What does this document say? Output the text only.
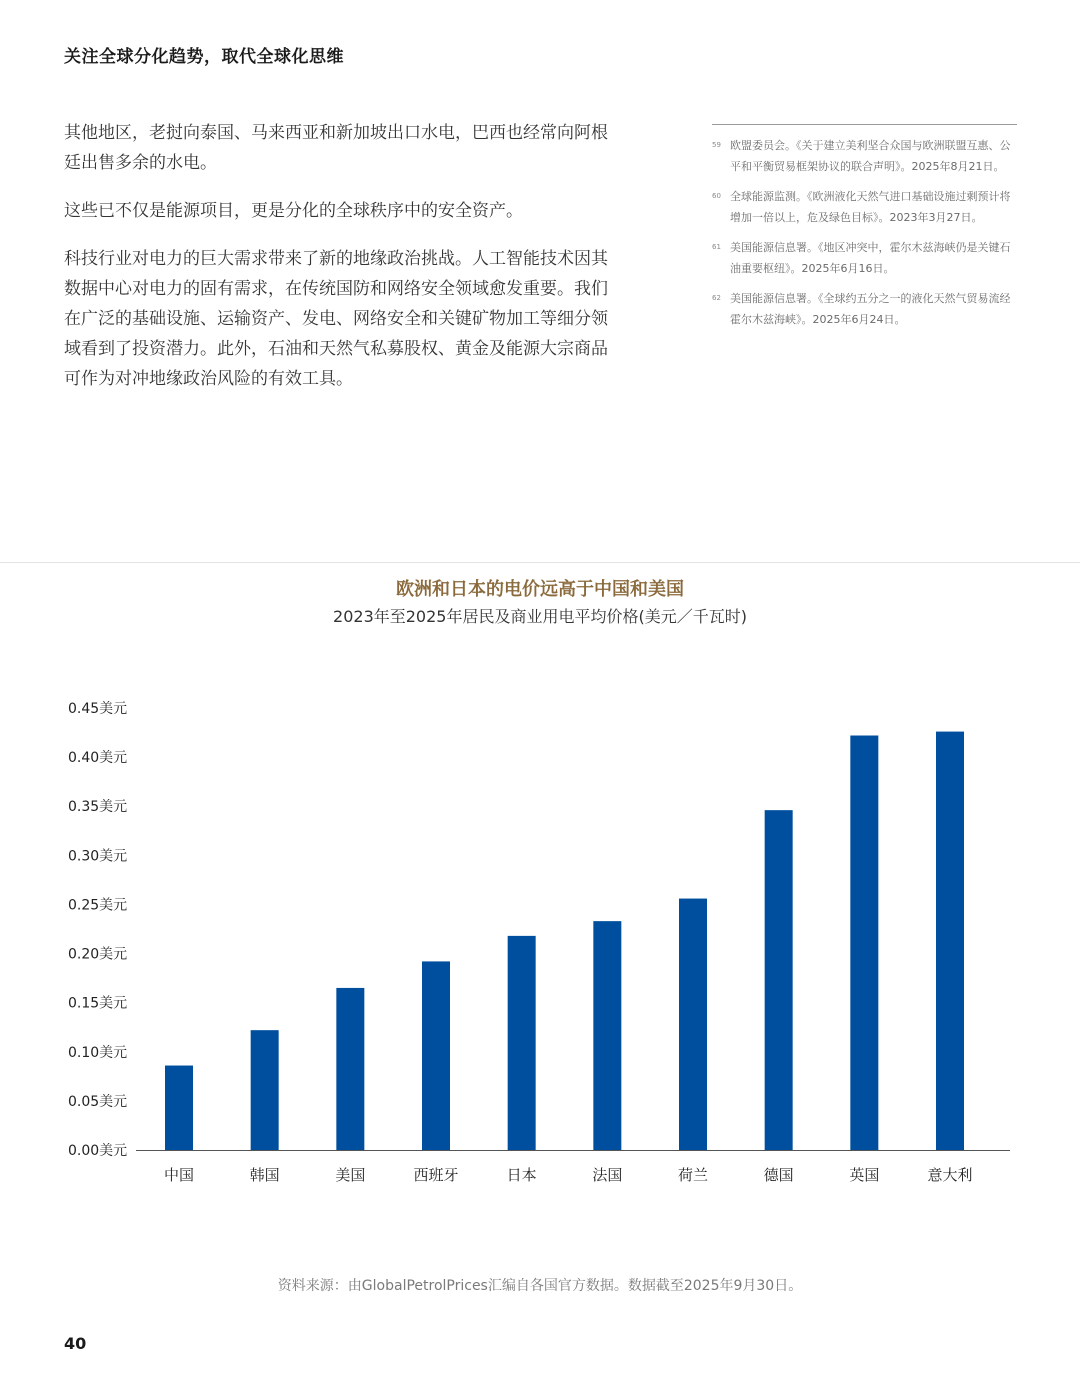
关注全球分化趋势，取代全球化思维

其他地区，老挝向泰国、马来西亚和新加坡出口水电，巴西也经常向阿根廷出售多余的水电。

这些已不仅是能源项目，更是分化的全球秩序中的安全资产。

科技行业对电力的巨大需求带来了新的地缘政治挑战。人工智能技术因其数据中心对电力的固有需求，在传统国防和网络安全领域愈发重要。我们在广泛的基础设施、运输资产、发电、网络安全和关键矿物加工等细分领域看到了投资潜力。此外，石油和天然气私募股权、黄金及能源大宗商品可作为对冲地缘政治风险的有效工具。

59 欧盟委员会。《关于建立美利坚合众国与欧洲联盟互惠、公平和平衡贸易框架协议的联合声明》。2025年8月21日。
60 全球能源监测。《欧洲液化天然气进口基础设施过剩预计将增加一倍以上，危及绿色目标》。2023年3月27日。
61 美国能源信息署。《地区冲突中，霍尔木兹海峡仍是关键石油重要枢纽》。2025年6月16日。
62 美国能源信息署。《全球约五分之一的液化天然气贸易流经霍尔木兹海峡》。2025年6月24日。
欧洲和日本的电价远高于中国和美国
2023年至2025年居民及商业用电平均价格(美元／千瓦时)
0.00美元
0.05美元
0.10美元
0.15美元
0.20美元
0.25美元
0.30美元
0.35美元
0.40美元
0.45美元
中国	韩国	美国	西班牙	日本	法国	荷兰	德国	英国	意大利
资料来源：由GlobalPetrolPrices汇编自各国官方数据。数据截至2025年9月30日。
40
